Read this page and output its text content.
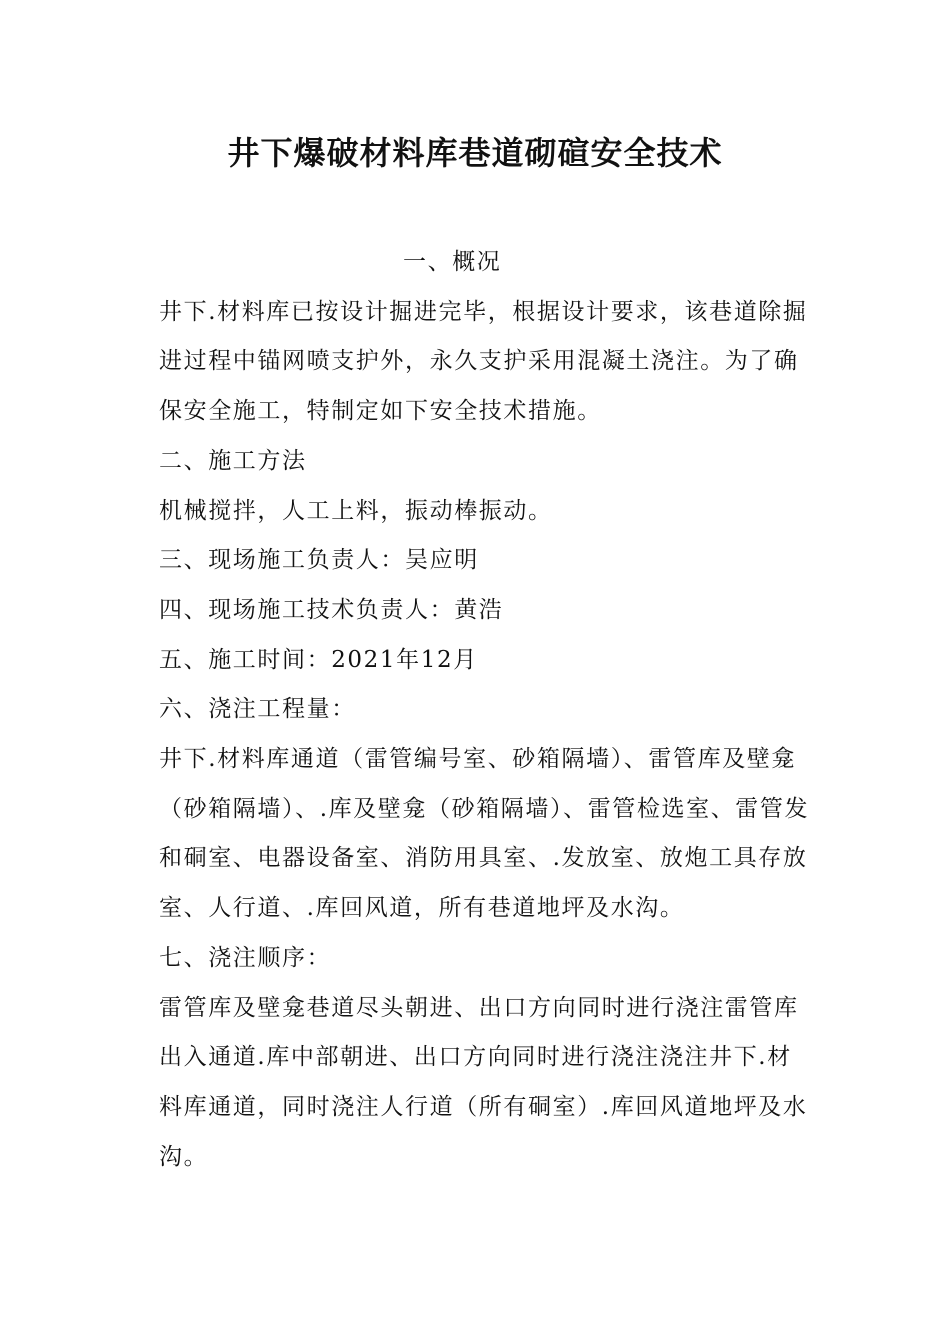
井下爆破材料库巷道砌碹安全技术

一、概况

井下.材料库已按设计掘进完毕，根据设计要求，该巷道除掘进过程中锚网喷支护外，永久支护采用混凝土浇注。为了确保安全施工，特制定如下安全技术措施。

二、施工方法

机械搅拌，人工上料，振动棒振动。

三、现场施工负责人：吴应明

四、现场施工技术负责人：黄浩

五、施工时间：2021年12月

六、浇注工程量：

井下.材料库通道（雷管编号室、砂箱隔墙）、雷管库及壁龛（砂箱隔墙）、.库及壁龛（砂箱隔墙）、雷管检选室、雷管发和硐室、电器设备室、消防用具室、.发放室、放炮工具存放室、人行道、.库回风道，所有巷道地坪及水沟。

七、浇注顺序：

雷管库及壁龛巷道尽头朝进、出口方向同时进行浇注雷管库出入通道.库中部朝进、出口方向同时进行浇注浇注井下.材料库通道，同时浇注人行道（所有硐室）.库回风道地坪及水沟。
